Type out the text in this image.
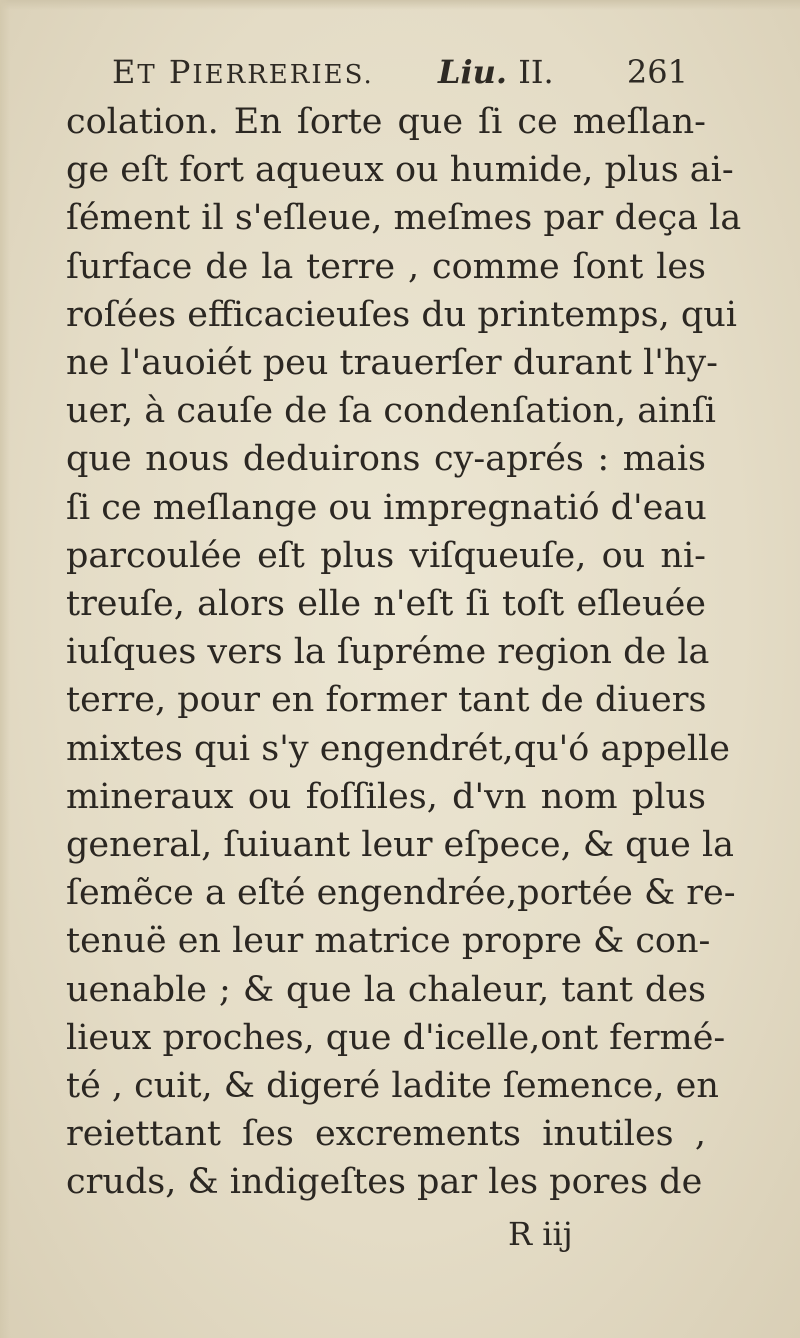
ET PIERRERIES. Liu. II. 261
colation. En ſorte que ſi ce meſlan-
ge eſt fort aqueux ou humide, plus ai-
ſément il s'eſleue, meſmes par deça la
ſurface de la terre , comme ſont les
roſées efficacieuſes du printemps, qui
ne l'auoiét peu trauerſer durant l'hy-
uer, à cauſe de ſa condenſation, ainſi
que nous deduirons cy-aprés : mais
ſi ce meſlange ou impregnatió d'eau
parcoulée eſt plus viſqueuſe, ou ni-
treuſe, alors elle n'eſt ſi toſt eſleuée
iuſques vers la ſupréme region de la
terre, pour en former tant de diuers
mixtes qui s'y engendrét,qu'ó appelle
mineraux ou foſſiles, d'vn nom plus
general, ſuiuant leur eſpece, & que la
ſemẽce a eſté engendrée,portée & re-
tenuë en leur matrice propre & con-
uenable ; & que la chaleur, tant des
lieux proches, que d'icelle,ont fermé-
té , cuit, & digeré ladite ſemence, en
reiettant ſes excrements inutiles ,
cruds, & indigeſtes par les pores de
R iij
